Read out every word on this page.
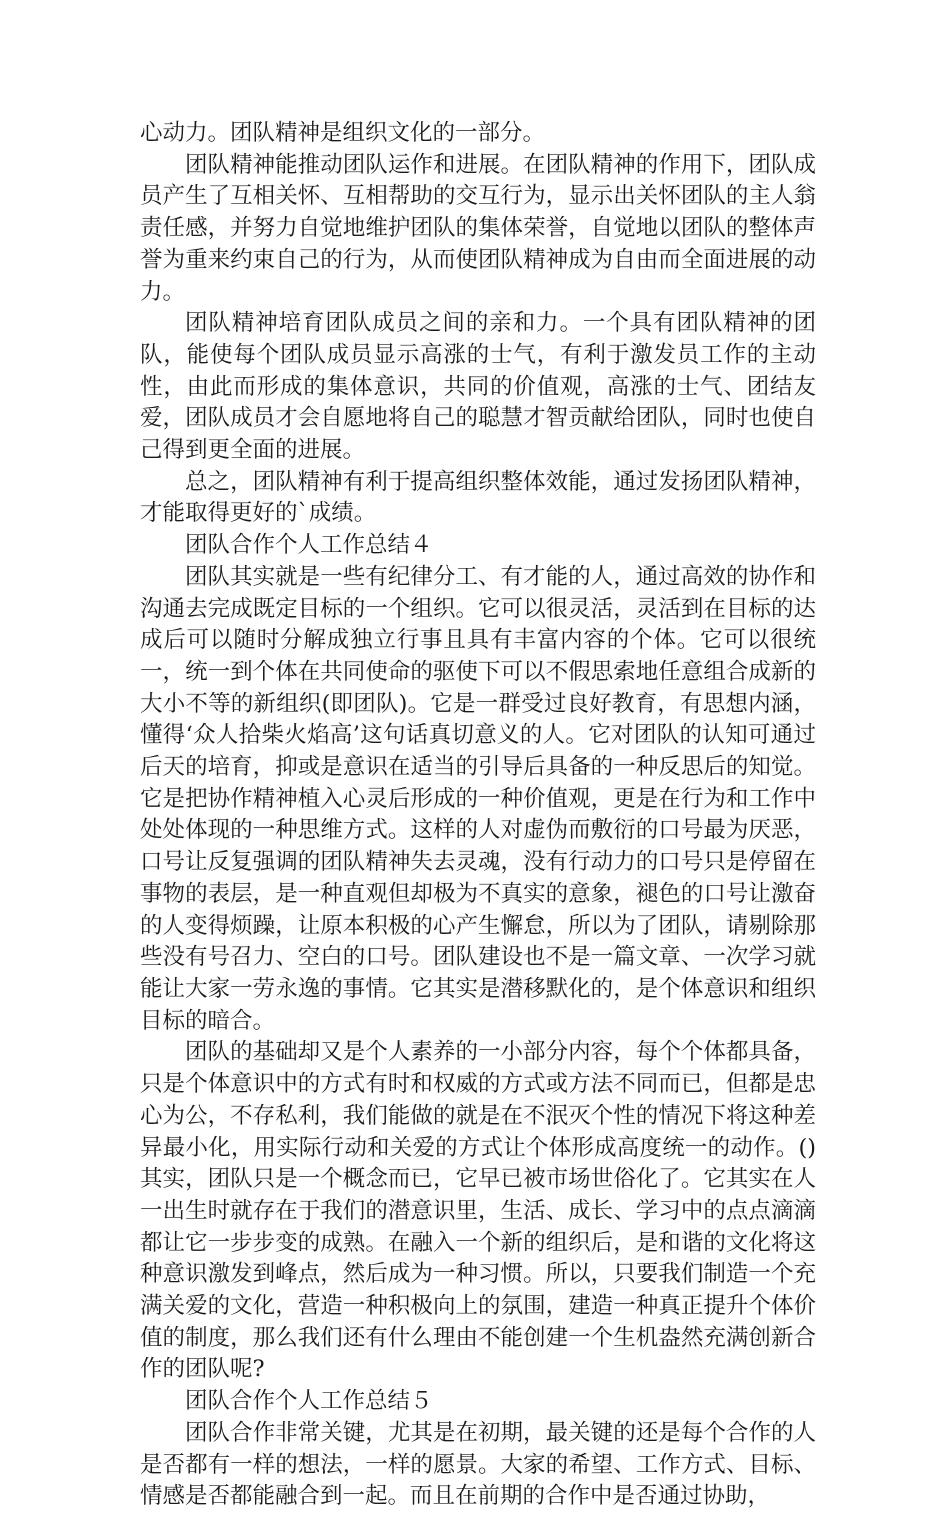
心动力。团队精神是组织文化的一部分。

团队精神能推动团队运作和进展。在团队精神的作用下，团队成员产生了互相关怀、互相帮助的交互行为，显示出关怀团队的主人翁责任感，并努力自觉地维护团队的集体荣誉，自觉地以团队的整体声誉为重来约束自己的行为，从而使团队精神成为自由而全面进展的动力。

团队精神培育团队成员之间的亲和力。一个具有团队精神的团队，能使每个团队成员显示高涨的士气，有利于激发员工作的主动性，由此而形成的集体意识，共同的价值观，高涨的士气、团结友爱，团队成员才会自愿地将自己的聪慧才智贡献给团队，同时也使自己得到更全面的进展。

总之，团队精神有利于提高组织整体效能，通过发扬团队精神，才能取得更好的`成绩。

团队合作个人工作总结４

团队其实就是一些有纪律分工、有才能的人，通过高效的协作和沟通去完成既定目标的一个组织。它可以很灵活，灵活到在目标的达成后可以随时分解成独立行事且具有丰富内容的个体。它可以很统一，统一到个体在共同使命的驱使下可以不假思索地任意组合成新的大小不等的新组织(即团队)。它是一群受过良好教育，有思想内涵，懂得‘众人拾柴火焰高’这句话真切意义的人。它对团队的认知可通过后天的培育，抑或是意识在适当的引导后具备的一种反思后的知觉。它是把协作精神植入心灵后形成的一种价值观，更是在行为和工作中处处体现的一种思维方式。这样的人对虚伪而敷衍的口号最为厌恶，口号让反复强调的团队精神失去灵魂，没有行动力的口号只是停留在事物的表层，是一种直观但却极为不真实的意象，褪色的口号让激奋的人变得烦躁，让原本积极的心产生懈怠，所以为了团队，请剔除那些没有号召力、空白的口号。团队建设也不是一篇文章、一次学习就能让大家一劳永逸的事情。它其实是潜移默化的，是个体意识和组织目标的暗合。

团队的基础却又是个人素养的一小部分内容，每个个体都具备，只是个体意识中的方式有时和权威的方式或方法不同而已，但都是忠心为公，不存私利，我们能做的就是在不泯灭个性的情况下将这种差异最小化，用实际行动和关爱的方式让个体形成高度统一的动作。()其实，团队只是一个概念而已，它早已被市场世俗化了。它其实在人一出生时就存在于我们的潜意识里，生活、成长、学习中的点点滴滴都让它一步步变的成熟。在融入一个新的组织后，是和谐的文化将这种意识激发到峰点，然后成为一种习惯。所以，只要我们制造一个充满关爱的文化，营造一种积极向上的氛围，建造一种真正提升个体价值的制度，那么我们还有什么理由不能创建一个生机盎然充满创新合作的团队呢?

团队合作个人工作总结５

团队合作非常关键，尤其是在初期，最关键的还是每个合作的人是否都有一样的想法，一样的愿景。大家的希望、工作方式、目标、情感是否都能融合到一起。而且在前期的合作中是否通过协助，
